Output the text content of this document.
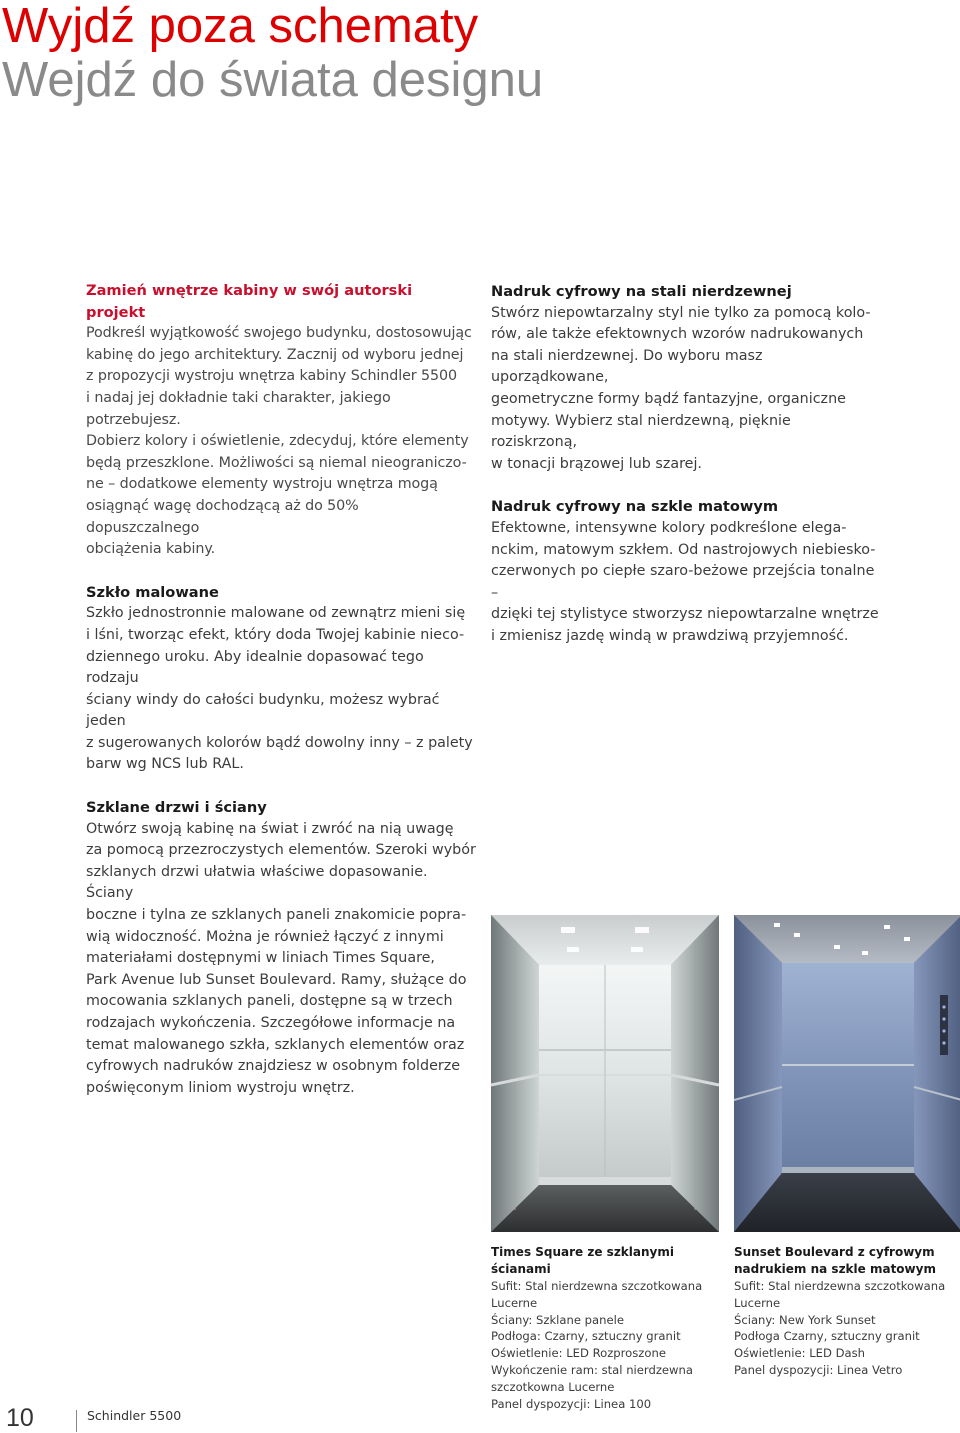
Wyjdź poza schematy
Wejdź do świata designu
Zamień wnętrze kabiny w swój autorski projekt

Podkreśl wyjątkowość swojego budynku, dostosowując

kabinę do jego architektury. Zacznij od wyboru jednej

z propozycji wystroju wnętrza kabiny Schindler 5500

i nadaj jej dokładnie taki charakter, jakiego potrzebujesz.

Dobierz kolory i oświetlenie, zdecyduj, które elementy

będą przeszklone. Możliwości są niemal nieograniczo-

ne – dodatkowe elementy wystroju wnętrza mogą

osiągnąć wagę dochodzącą aż do 50% dopuszczalnego

obciążenia kabiny.

Szkło malowane

Szkło jednostronnie malowane od zewnątrz mieni się

i lśni, tworząc efekt, który doda Twojej kabinie nieco-

dziennego uroku. Aby idealnie dopasować tego rodzaju

ściany windy do całości budynku, możesz wybrać jeden

z sugerowanych kolorów bądź dowolny inny – z palety

barw wg NCS lub RAL.

Szklane drzwi i ściany

Otwórz swoją kabinę na świat i zwróć na nią uwagę

za pomocą przezroczystych elementów. Szeroki wybór

szklanych drzwi ułatwia właściwe dopasowanie. Ściany

boczne i tylna ze szklanych paneli znakomicie popra-

wią widoczność. Można je również łączyć z innymi

materiałami dostępnymi w liniach Times Square,

Park Avenue lub Sunset Boulevard. Ramy, służące do

mocowania szklanych paneli, dostępne są w trzech

rodzajach wykończenia. Szczegółowe informacje na

temat malowanego szkła, szklanych elementów oraz

cyfrowych nadruków znajdziesz w osobnym folderze

poświęconym liniom wystroju wnętrz.

Nadruk cyfrowy na stali nierdzewnej

Stwórz niepowtarzalny styl nie tylko za pomocą kolo-

rów, ale także efektownych wzorów nadrukowanych

na stali nierdzewnej. Do wyboru masz uporządkowane,

geometryczne formy bądź fantazyjne, organiczne

motywy. Wybierz stal nierdzewną, pięknie roziskrzoną,

w tonacji brązowej lub szarej.

Nadruk cyfrowy na szkle matowym

Efektowne, intensywne kolory podkreślone elega-

nckim, matowym szkłem. Od nastrojowych niebiesko-

czerwonych po ciepłe szaro-beżowe przejścia tonalne –

dzięki tej stylistyce stworzysz niepowtarzalne wnętrze

i zmienisz jazdę windą w prawdziwą przyjemność.

Times Square ze szklanymi ścianami

Sufit: Stal nierdzewna szczotkowana

Lucerne

Ściany: Szklane panele

Podłoga: Czarny, sztuczny granit

Oświetlenie: LED Rozproszone

Wykończenie ram: stal nierdzewna

szczotkowna Lucerne

Panel dyspozycji: Linea 100

Sunset Boulevard z cyfrowym

nadrukiem na szkle matowym

Sufit: Stal nierdzewna szczotkowana

Lucerne

Ściany: New York Sunset

Podłoga Czarny, sztuczny granit

Oświetlenie: LED Dash

Panel dyspozycji: Linea Vetro

10	Schindler 5500
